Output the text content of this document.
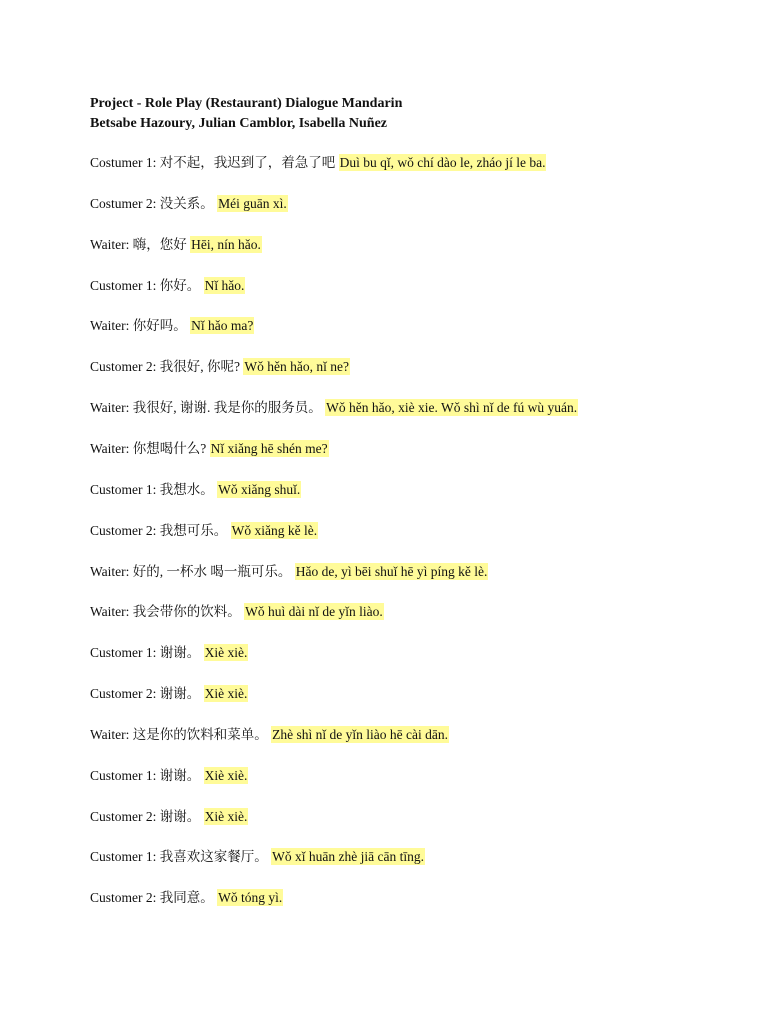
Project - Role Play (Restaurant) Dialogue Mandarin
Betsabe Hazoury, Julian Camblor, Isabella Nuñez
Costumer 1: 对不起，我迟到了，着急了吧 Duì bu qǐ, wǒ chí dào le, zháo jí le ba.
Costumer 2: 没关系。 Méi guān xì.
Waiter: 嗨，您好 Hēi, nín hǎo.
Customer 1: 你好。 Nǐ hǎo.
Waiter: 你好吗。 Nǐ hǎo ma?
Customer 2: 我很好, 你呢? Wǒ hěn hǎo, nǐ ne?
Waiter: 我很好, 谢谢. 我是你的服务员。 Wǒ hěn hǎo, xiè xie. Wǒ shì nǐ de fú wù yuán.
Waiter: 你想喝什么? Nǐ xiǎng hē shén me?
Customer 1: 我想水。 Wǒ xiǎng shuǐ.
Customer 2: 我想可乐。 Wǒ xiǎng kě lè.
Waiter: 好的, 一杯水 喝一瓶可乐。 Hǎo de, yì bēi shuǐ hē yì píng kě lè.
Waiter: 我会带你的饮料。 Wǒ huì dài nǐ de yǐn liào.
Customer 1: 谢谢。 Xiè xiè.
Customer 2: 谢谢。 Xiè xiè.
Waiter: 这是你的饮料和菜单。 Zhè shì nǐ de yǐn liào hē cài dān.
Customer 1: 谢谢。 Xiè xiè.
Customer 2: 谢谢。 Xiè xiè.
Customer 1: 我喜欢这家餐厅。 Wǒ xǐ huān zhè jiā cān tīng.
Customer 2: 我同意。 Wǒ tóng yì.
